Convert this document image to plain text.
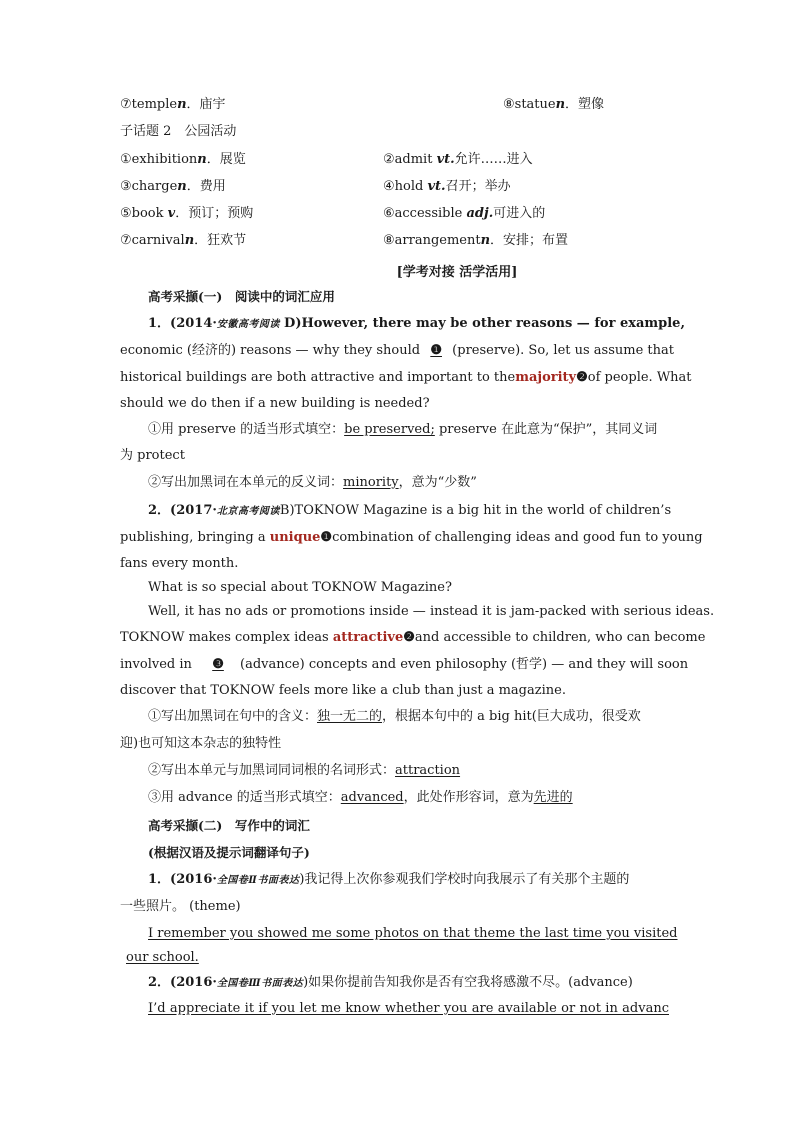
⑦templen．庙宇	⑧statuen．塑像
子话题 2　公园活动
①exhibitionn．展览	②admit vt.允许……进入
③chargen．费用	④hold vt.召开；举办
⑤book v．预订；预购	⑥accessible adj.可进入的
⑦carnivaln．狂欢节	⑧arrangementn．安排；布置
[学考对接 活学活用]
高考采撷(一)　阅读中的词汇应用
1．(2014·安徽高考阅读 D)However, there may be other reasons — for example,
economic (经济的) reasons — why they should ❶ (preserve). So, let us assume that
historical buildings are both attractive and important to the majority❷ of people. What
should we do then if a new building is needed?
①用 preserve 的适当形式填空：be preserved; preserve 在此意为“保护”，其同义词
为 protect
②写出加黑词在本单元的反义词：minority，意为“少数”
2．(2017·北京高考阅读B)TOKNOW Magazine is a big hit in the world of children’s
publishing, bringing a unique❶ combination of challenging ideas and good fun to young
fans every month.
What is so special about TOKNOW Magazine?
Well, it has no ads or promotions inside — instead it is jam-packed with serious ideas.
TOKNOW makes complex ideas attractive❷ and accessible to children, who can become
involved in ❸	(advance) concepts and even philosophy (哲学) — and they will soon
discover that TOKNOW feels more like a club than just a magazine.
①写出加黑词在句中的含义：独一无二的，根据本句中的 a big hit(巨大成功，很受欢
迎)也可知这本杂志的独特性
②写出本单元与加黑词同词根的名词形式：attraction
③用 advance 的适当形式填空：advanced，此处作形容词，意为先进的
高考采撷(二)　写作中的词汇
(根据汉语及提示词翻译句子)
1．(2016·全国卷Ⅱ书面表达)我记得上次你参观我们学校时向我展示了有关那个主题的
一些照片。 (theme)
I remember you showed me some photos on that theme the last time you visited
our school.
2．(2016·全国卷Ⅲ书面表达)如果你提前告知我你是否有空我将感激不尽。(advance)
I’d appreciate it if you let me know whether you are available or not in advanc
